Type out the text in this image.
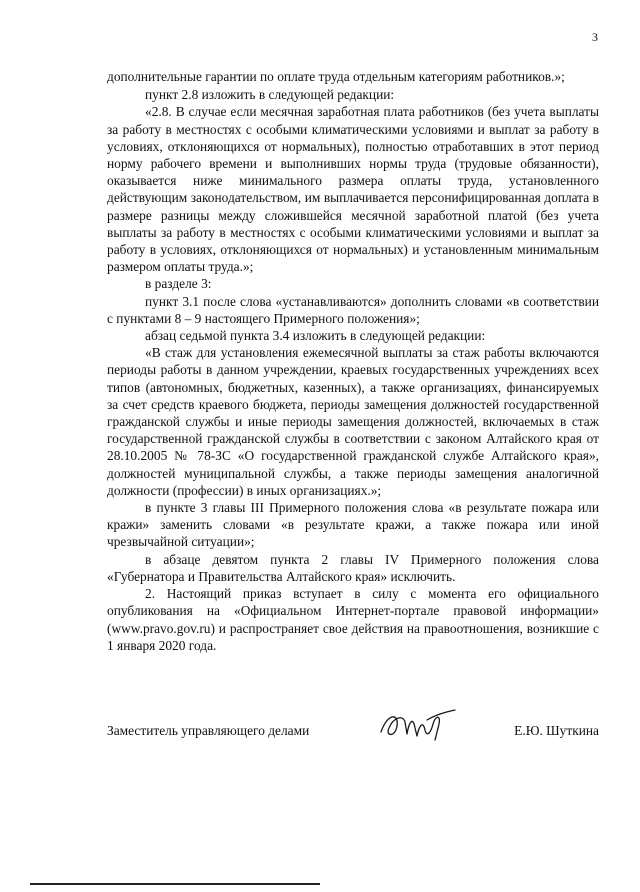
3

дополнительные гарантии по оплате труда отдельным категориям работников.»;

пункт 2.8 изложить в следующей редакции:

«2.8. В случае если месячная заработная плата работников (без учета выплаты за работу в местностях с особыми климатическими условиями и выплат за работу в условиях, отклоняющихся от нормальных), полностью отработавших в этот период норму рабочего времени и выполнивших нормы труда (трудовые обязанности), оказывается ниже минимального размера оплаты труда, установленного действующим законодательством, им выплачивается персонифицированная доплата в размере разницы между сложившейся месячной заработной платой (без учета выплаты за работу в местностях с особыми климатическими условиями и выплат за работу в условиях, отклоняющихся от нормальных) и установленным минимальным размером оплаты труда.»;

в разделе 3:

пункт 3.1 после слова «устанавливаются» дополнить словами «в соответствии с пунктами 8 – 9 настоящего Примерного положения»;

абзац седьмой пункта 3.4 изложить в следующей редакции:

«В стаж для установления ежемесячной выплаты за стаж работы включаются периоды работы в данном учреждении, краевых государственных учреждениях всех типов (автономных, бюджетных, казенных), а также организациях, финансируемых за счет средств краевого бюджета, периоды замещения должностей государственной гражданской службы и иные периоды замещения должностей, включаемых в стаж государственной гражданской службы в соответствии с законом Алтайского края от 28.10.2005 № 78-ЗС «О государственной гражданской службе Алтайского края», должностей муниципальной службы, а также периоды замещения аналогичной должности (профессии) в иных организациях.»;

в пункте 3 главы III Примерного положения слова «в результате пожара или кражи» заменить словами «в результате кражи, а также пожара или иной чрезвычайной ситуации»;

в абзаце девятом пункта 2 главы IV Примерного положения слова «Губернатора и Правительства Алтайского края» исключить.

2. Настоящий приказ вступает в силу с момента его официального опубликования на «Официальном Интернет-портале правовой информации» (www.pravo.gov.ru) и распространяет свое действия на правоотношения, возникшие с 1 января 2020 года.

Заместитель управляющего делами	Е.Ю. Шуткина
